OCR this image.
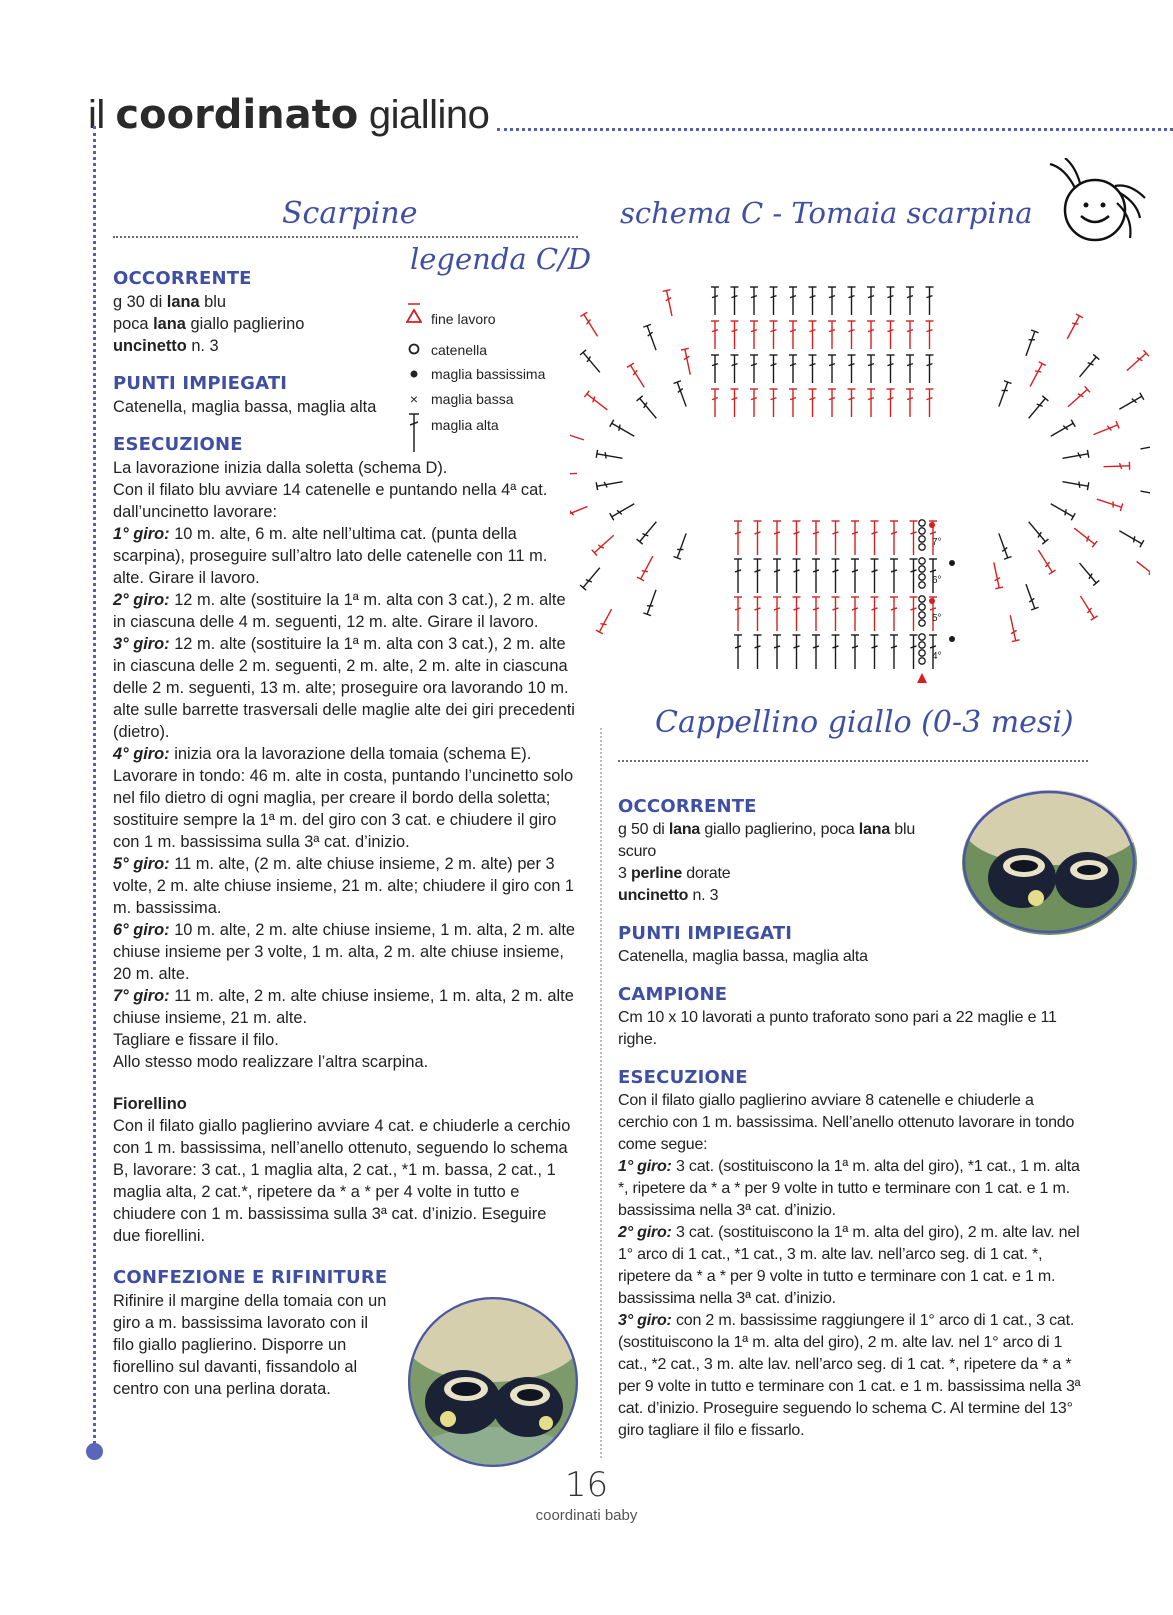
il coordinato giallino
Scarpine
legenda C/D
fine lavoro
catenella
maglia bassissima
× maglia bassa
maglia alta
OCCORRENTE

g 30 di lana blu

poca lana giallo paglierino

uncinetto n. 3

PUNTI IMPIEGATI
Catenella, maglia bassa, maglia alta
ESECUZIONE

La lavorazione inizia dalla soletta (schema D).

Con il filato blu avviare 14 catenelle e puntando nella 4ª cat. dall’uncinetto lavorare:

1° giro: 10 m. alte, 6 m. alte nell’ultima cat. (punta della scarpina), proseguire sull’altro lato delle catenelle con 11 m. alte. Girare il lavoro.

2° giro: 12 m. alte (sostituire la 1ª m. alta con 3 cat.), 2 m. alte in ciascuna delle 4 m. seguenti, 12 m. alte. Girare il lavoro.

3° giro: 12 m. alte (sostituire la 1ª m. alta con 3 cat.), 2 m. alte in ciascuna delle 2 m. seguenti, 2 m. alte, 2 m. alte in ciascuna delle 2 m. seguenti, 13 m. alte; proseguire ora lavorando 10 m. alte sulle barrette trasversali delle maglie alte dei giri precedenti (dietro).

4° giro: inizia ora la lavorazione della tomaia (schema E). Lavorare in tondo: 46 m. alte in costa, puntando l’uncinetto solo nel filo dietro di ogni maglia, per creare il bordo della soletta; sostituire sempre la 1ª m. del giro con 3 cat. e chiudere il giro con 1 m. bassissima sulla 3ª cat. d’inizio.

5° giro: 11 m. alte, (2 m. alte chiuse insieme, 2 m. alte) per 3 volte, 2 m. alte chiuse insieme, 21 m. alte; chiudere il giro con 1 m. bassissima.

6° giro: 10 m. alte, 2 m. alte chiuse insieme, 1 m. alta, 2 m. alte chiuse insieme per 3 volte, 1 m. alta, 2 m. alte chiuse insieme, 20 m. alte.

7° giro: 11 m. alte, 2 m. alte chiuse insieme, 1 m. alta, 2 m. alte chiuse insieme, 21 m. alte.

Tagliare e fissare il filo.

Allo stesso modo realizzare l’altra scarpina.

Fiorellino
Con il filato giallo paglierino avviare 4 cat. e chiuderle a cerchio con 1 m. bassissima, nell’anello ottenuto, seguendo lo schema B, lavorare: 3 cat., 1 maglia alta, 2 cat., *1 m. bassa, 2 cat., 1 maglia alta, 2 cat.*, ripetere da * a * per 4 volte in tutto e chiudere con 1 m. bassissima sulla 3ª cat. d’inizio. Eseguire due fiorellini.
CONFEZIONE E RIFINITURE
Rifinire il margine della tomaia con un giro a m. bassissima lavorato con il filo giallo paglierino. Disporre un fiorellino sul davanti, fissandolo al centro con una perlina dorata.
schema C - Tomaia scarpina
7°
6°
5°
4°
Cappellino giallo (0-3 mesi)
OCCORRENTE

g 50 di lana giallo paglierino, poca lana blu scuro

3 perline dorate

uncinetto n. 3

PUNTI IMPIEGATI
Catenella, maglia bassa, maglia alta
CAMPIONE
Cm 10 x 10 lavorati a punto traforato sono pari a 22 maglie e 11 righe.
ESECUZIONE

Con il filato giallo paglierino avviare 8 catenelle e chiuderle a cerchio con 1 m. bassissima. Nell’anello ottenuto lavorare in tondo come segue:

1° giro: 3 cat. (sostituiscono la 1ª m. alta del giro), *1 cat., 1 m. alta *, ripetere da * a * per 9 volte in tutto e terminare con 1 cat. e 1 m. bassissima nella 3ª cat. d’inizio.

2° giro: 3 cat. (sostituiscono la 1ª m. alta del giro), 2 m. alte lav. nel 1° arco di 1 cat., *1 cat., 3 m. alte lav. nell’arco seg. di 1 cat. *, ripetere da * a * per 9 volte in tutto e terminare con 1 cat. e 1 m. bassissima nella 3ª cat. d’inizio.

3° giro: con 2 m. bassissime raggiungere il 1° arco di 1 cat., 3 cat. (sostituiscono la 1ª m. alta del giro), 2 m. alte lav. nel 1° arco di 1 cat., *2 cat., 3 m. alte lav. nell’arco seg. di 1 cat. *, ripetere da * a * per 9 volte in tutto e terminare con 1 cat. e 1 m. bassissima nella 3ª cat. d’inizio. Proseguire seguendo lo schema C. Al termine del 13° giro tagliare il filo e fissarlo.

16
coordinati baby
